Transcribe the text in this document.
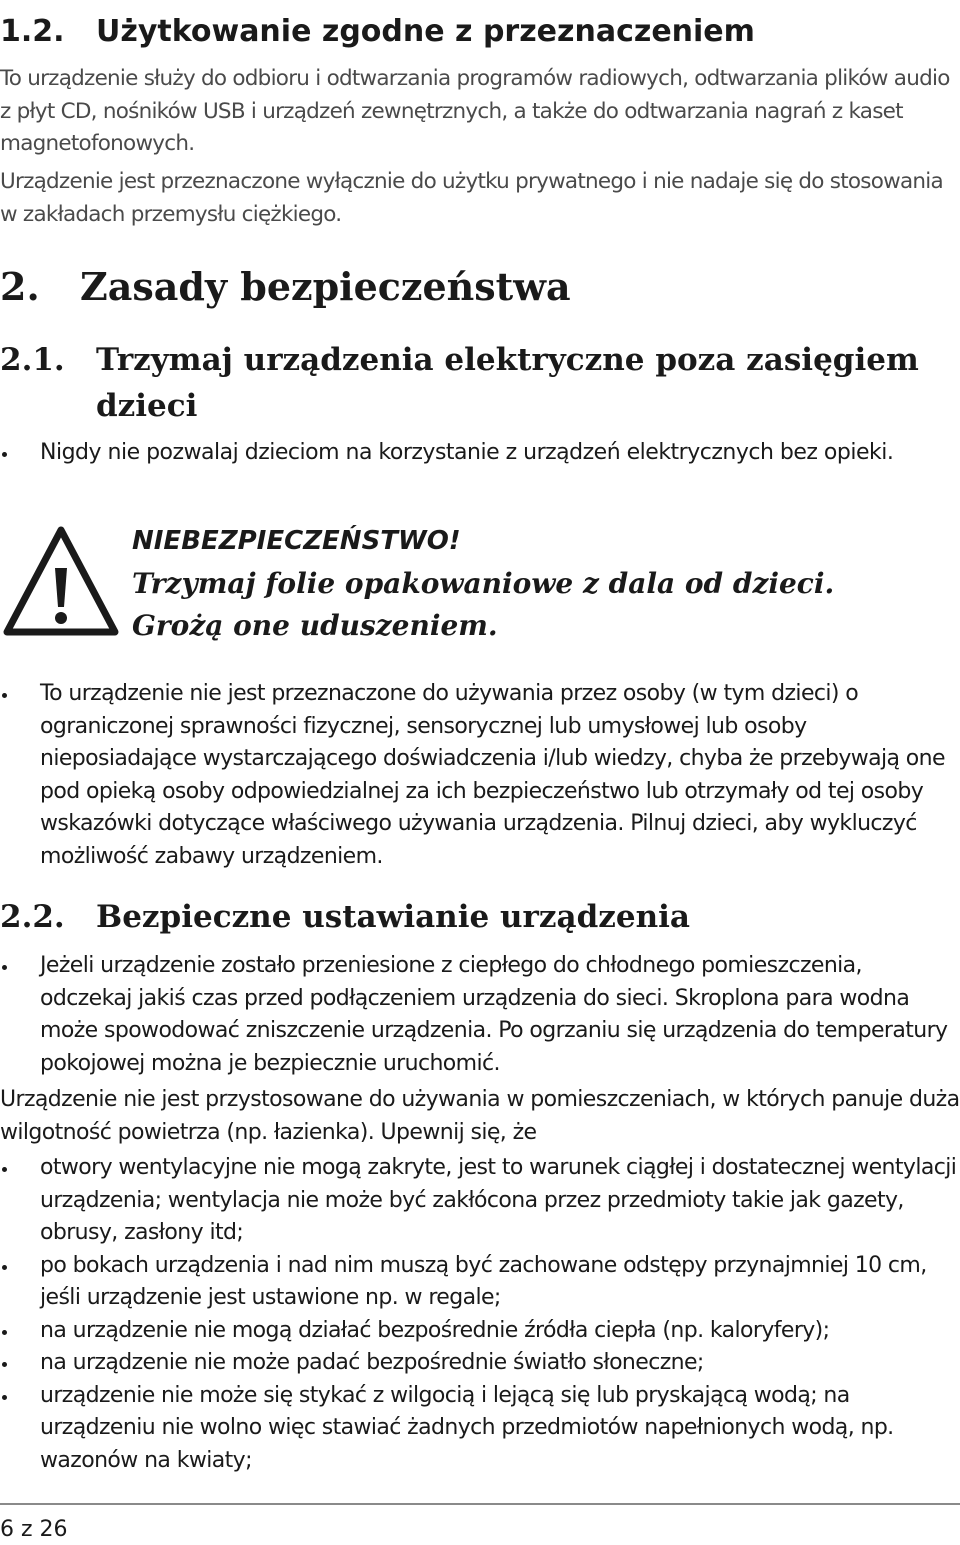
1.2. Użytkowanie zgodne z przeznaczeniem

To urządzenie służy do odbioru i odtwarzania programów radiowych, odtwarzania plików audio z płyt CD, nośników USB i urządzeń zewnętrznych, a także do odtwarzania nagrań z kaset magnetofonowych.

Urządzenie jest przeznaczone wyłącznie do użytku prywatnego i nie nadaje się do stosowania w zakładach przemysłu ciężkiego.

2. Zasady bezpieczeństwa
2.1. Trzymaj urządzenia elektryczne poza zasięgiem
dzieci
Nigdy nie pozwalaj dzieciom na korzystanie z urządzeń elektrycznych bez opieki.
NIEBEZPIECZEŃSTWO!
Trzymaj folie opakowaniowe z dala od dzieci. Grożą one uduszeniem.
To urządzenie nie jest przeznaczone do używania przez osoby (w tym dzieci) o ograniczonej sprawności fizycznej, sensorycznej lub umysłowej lub osoby nieposiadające wystarczającego doświadczenia i/lub wiedzy, chyba że przebywają one pod opieką osoby odpowiedzialnej za ich bezpieczeństwo lub otrzymały od tej osoby wskazówki dotyczące właściwego używania urządzenia. Pilnuj dzieci, aby wykluczyć możliwość zabawy urządzeniem.
2.2. Bezpieczne ustawianie urządzenia
Jeżeli urządzenie zostało przeniesione z ciepłego do chłodnego pomieszczenia, odczekaj jakiś czas przed podłączeniem urządzenia do sieci. Skroplona para wodna może spowodować zniszczenie urządzenia. Po ogrzaniu się urządzenia do temperatury pokojowej można je bezpiecznie uruchomić.

Urządzenie nie jest przystosowane do używania w pomieszczeniach, w których panuje duża wilgotność powietrza (np. łazienka). Upewnij się, że

otwory wentylacyjne nie mogą zakryte, jest to warunek ciągłej i dostatecznej wentylacji urządzenia; wentylacja nie może być zakłócona przez przedmioty takie jak gazety, obrusy, zasłony itd;
po bokach urządzenia i nad nim muszą być zachowane odstępy przynajmniej 10 cm, jeśli urządzenie jest ustawione np. w regale;
na urządzenie nie mogą działać bezpośrednie źródła ciepła (np. kaloryfery);
na urządzenie nie może padać bezpośrednie światło słoneczne;
urządzenie nie może się stykać z wilgocią i lejącą się lub pryskającą wodą; na urządzeniu nie wolno więc stawiać żadnych przedmiotów napełnionych wodą, np. wazonów na kwiaty;
6 z 26
